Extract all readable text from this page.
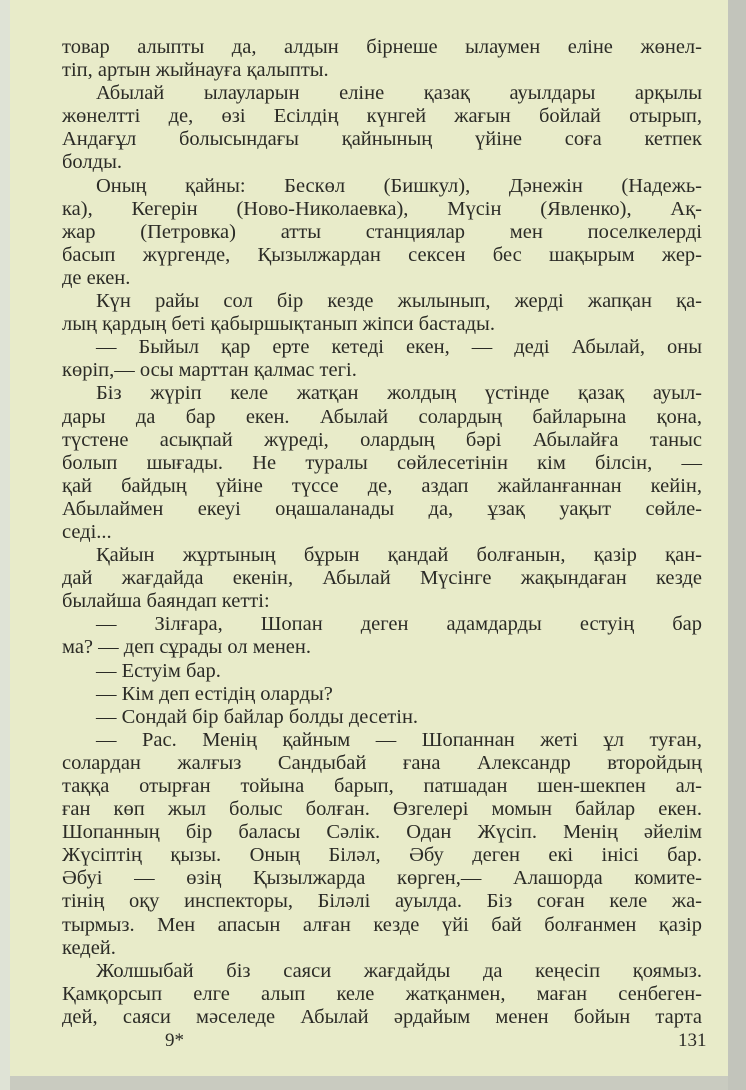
товар алыпты да, алдын бірнеше ылаумен еліне жөнел-
тіп, артын жыйнауға қалыпты.
Абылай ылауларын еліне қазақ ауылдары арқылы
жөнелтті де, өзі Есілдің күнгей жағын бойлай отырып,
Андағұл болысындағы қайнының үйіне соға кетпек
болды.
Оның қайны: Бескөл (Бишкул), Дәнежін (Надежь-
ка), Кегерін (Ново-Николаевка), Мүсін (Явленко), Ақ-
жар (Петровка) атты станциялар мен поселкелерді
басып жүргенде, Қызылжардан сексен бес шақырым жер-
де екен.
Күн райы сол бір кезде жылынып, жерді жапқан қа-
лың қардың беті қабыршықтанып жіпси бастады.
— Быйыл қар ерте кетеді екен, — деді Абылай, оны
көріп,— осы марттан қалмас тегі.
Біз жүріп келе жатқан жолдың үстінде қазақ ауыл-
дары да бар екен. Абылай солардың байларына қона,
түстене асықпай жүреді, олардың бәрі Абылайға таныс
болып шығады. Не туралы сөйлесетінін кім білсін, —
қай байдың үйіне түссе де, аздап жайланғаннан кейін,
Абылаймен екеуі оңашаланады да, ұзақ уақыт сөйле-
седі...
Қайын жұртының бұрын қандай болғанын, қазір қан-
дай жағдайда екенін, Абылай Мүсінге жақындаған кезде
былайша баяндап кетті:
— Зілғара, Шопан деген адамдарды естуің бар
ма? — деп сұрады ол менен.
— Естуім бар.
— Кім деп естідің оларды?
— Сондай бір байлар болды десетін.
— Рас. Менің қайным — Шопаннан жеті ұл туған,
солардан жалғыз Сандыбай ғана Александр второйдың
таққа отырған тойына барып, патшадан шен-шекпен ал-
ған көп жыл болыс болған. Өзгелері момын байлар екен.
Шопанның бір баласы Сәлік. Одан Жүсіп. Менің әйелім
Жүсіптің қызы. Оның Біләл, Әбу деген екі інісі бар.
Әбуі — өзің Қызылжарда көрген,— Алашорда комите-
тінің оқу инспекторы, Біләлі ауылда. Біз соған келе жа-
тырмыз. Мен апасын алған кезде үйі бай болғанмен қазір
кедей.
Жолшыбай біз саяси жағдайды да кеңесіп қоямыз.
Қамқорсып елге алып келе жатқанмен, маған сенбеген-
дей, саяси мәселеде Абылай әрдайым менен бойын тарта
9*	131
